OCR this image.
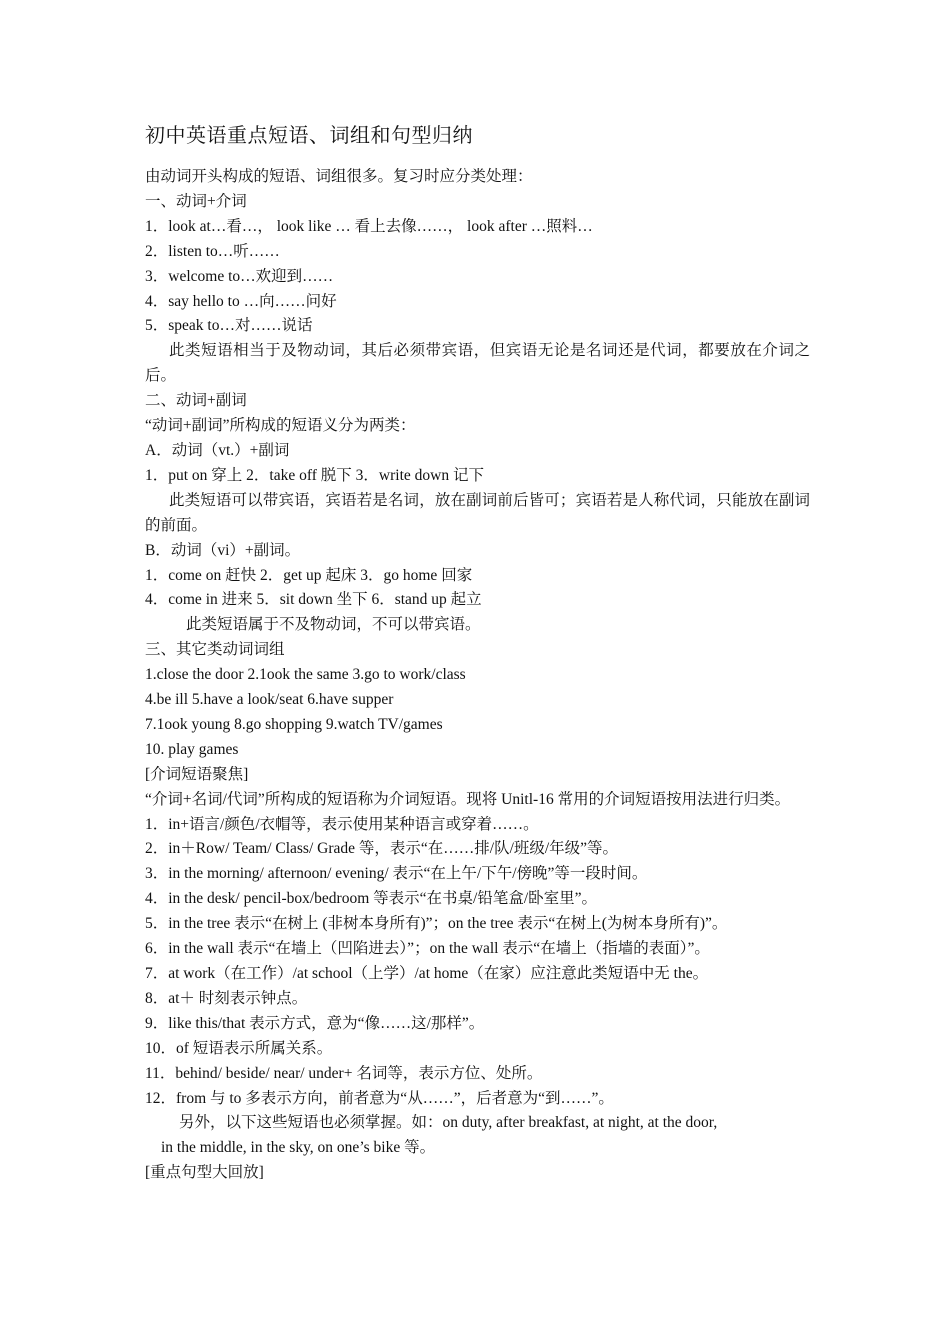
初中英语重点短语、词组和句型归纳

由动词开头构成的短语、词组很多。复习时应分类处理：

一、动词+介词

1．look at…看…， look like … 看上去像……， look after …照料…

2．listen to…听……

3．welcome to…欢迎到……

4．say hello to …向……问好

5．speak to…对……说话

此类短语相当于及物动词，其后必须带宾语，但宾语无论是名词还是代词，都要放在介词之后。

二、动词+副词

“动词+副词”所构成的短语义分为两类：

A．动词（vt.）+副词

1．put on 穿上 2．take off 脱下 3．write down 记下

此类短语可以带宾语，宾语若是名词，放在副词前后皆可；宾语若是人称代词，只能放在副词的前面。

B．动词（vi）+副词。

1．come on 赶快 2．get up 起床 3．go home 回家

4．come in 进来 5．sit down 坐下 6．stand up 起立

此类短语属于不及物动词，不可以带宾语。

三、其它类动词词组

1.close the door 2.1ook the same 3.go to work/class

4.be ill 5.have a look/seat 6.have supper

7.1ook young 8.go shopping 9.watch TV/games

10. play games

[介词短语聚焦]

“介词+名词/代词”所构成的短语称为介词短语。现将 Unitl-16 常用的介词短语按用法进行归类。

1．in+语言/颜色/衣帽等，表示使用某种语言或穿着……。

2．in＋Row/ Team/ Class/ Grade 等，表示“在……排/队/班级/年级”等。

3．in the morning/ afternoon/ evening/ 表示“在上午/下午/傍晚”等一段时间。

4．in the desk/ pencil-box/bedroom 等表示“在书桌/铅笔盒/卧室里”。

5．in the tree 表示“在树上 (非树本身所有)”；on the tree 表示“在树上(为树本身所有)”。

6．in the wall 表示“在墙上（凹陷进去）”；on the wall 表示“在墙上（指墙的表面）”。

7．at work（在工作）/at school（上学）/at home（在家）应注意此类短语中无 the。

8．at＋ 时刻表示钟点。

9．like this/that 表示方式，意为“像……这/那样”。

10．of 短语表示所属关系。

11．behind/ beside/ near/ under+ 名词等，表示方位、处所。

12．from 与 to 多表示方向，前者意为“从……”，后者意为“到……”。

另外，以下这些短语也必须掌握。如：on duty, after breakfast, at night, at the door,

in the middle, in the sky, on one’s bike 等。

[重点句型大回放]
